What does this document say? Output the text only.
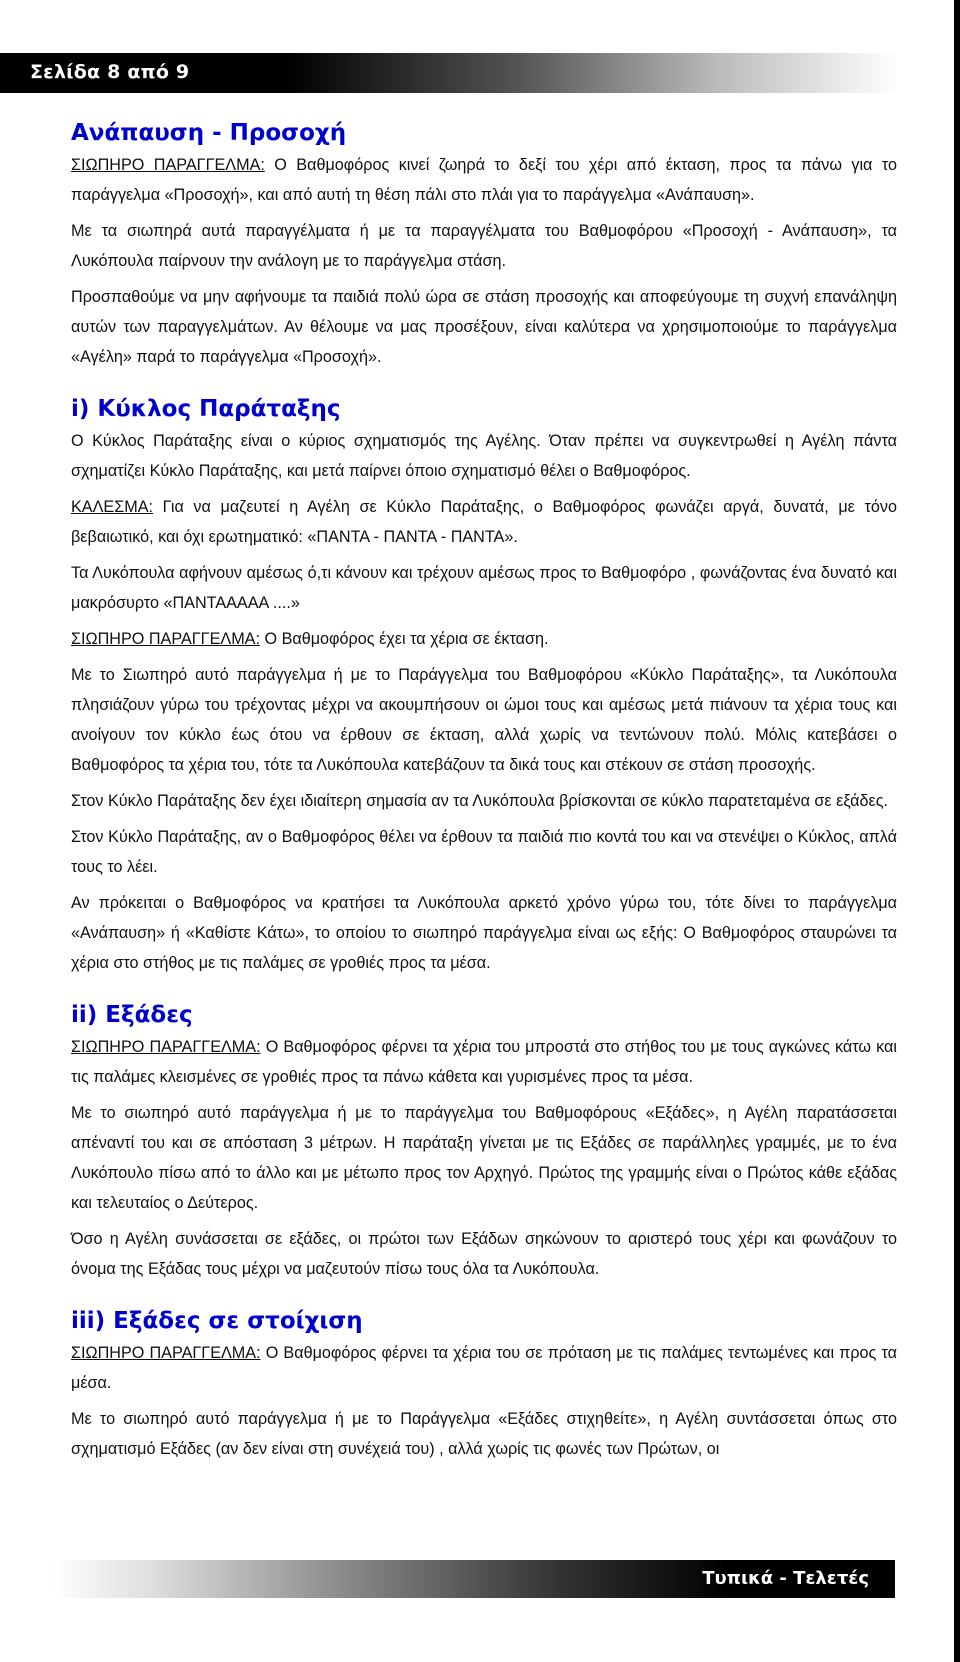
Σελίδα 8 από 9
Ανάπαυση - Προσοχή

ΣΙΩΠΗΡΟ ΠΑΡΑΓΓΕΛΜΑ: Ο Βαθμοφόρος κινεί ζωηρά το δεξί του χέρι από έκταση, προς τα πάνω για το παράγγελμα «Προσοχή», και από αυτή τη θέση πάλι στο πλάι για το παράγγελμα «Ανάπαυση».

Με τα σιωπηρά αυτά παραγγέλματα ή με τα παραγγέλματα του Βαθμοφόρου «Προσοχή - Ανάπαυση», τα Λυκόπουλα παίρνουν την ανάλογη με το παράγγελμα στάση.

Προσπαθούμε να μην αφήνουμε τα παιδιά πολύ ώρα σε στάση προσοχής και αποφεύγουμε τη συχνή επανάληψη αυτών των παραγγελμάτων. Αν θέλουμε να μας προσέξουν, είναι καλύτερα να χρησιμοποιούμε το παράγγελμα «Αγέλη» παρά το παράγγελμα «Προσοχή».

i) Κύκλος Παράταξης

Ο Κύκλος Παράταξης είναι ο κύριος σχηματισμός της Αγέλης. Όταν πρέπει να συγκεντρωθεί η Αγέλη πάντα σχηματίζει Κύκλο Παράταξης, και μετά παίρνει όποιο σχηματισμό θέλει ο Βαθμοφόρος.

ΚΑΛΕΣΜΑ: Για να μαζευτεί η Αγέλη σε Κύκλο Παράταξης, ο Βαθμοφόρος φωνάζει αργά, δυνατά, με τόνο βεβαιωτικό, και όχι ερωτηματικό: «ΠΑΝΤΑ - ΠΑΝΤΑ - ΠΑΝΤΑ».

Τα Λυκόπουλα αφήνουν αμέσως ό,τι κάνουν και τρέχουν αμέσως προς το Βαθμοφόρο , φωνάζοντας ένα δυνατό και μακρόσυρτο «ΠΑΝΤΑΑΑΑΑ ....»

ΣΙΩΠΗΡΟ ΠΑΡΑΓΓΕΛΜΑ: Ο Βαθμοφόρος έχει τα χέρια σε έκταση.

Με το Σιωπηρό αυτό παράγγελμα ή με το Παράγγελμα του Βαθμοφόρου «Κύκλο Παράταξης», τα Λυκόπουλα πλησιάζουν γύρω του τρέχοντας μέχρι να ακουμπήσουν οι ώμοι τους και αμέσως μετά πιάνουν τα χέρια τους και ανοίγουν τον κύκλο έως ότου να έρθουν σε έκταση, αλλά χωρίς να τεντώνουν πολύ. Μόλις κατεβάσει ο Βαθμοφόρος τα χέρια του, τότε τα Λυκόπουλα κατεβάζουν τα δικά τους και στέκουν σε στάση προσοχής.

Στον Κύκλο Παράταξης δεν έχει ιδιαίτερη σημασία αν τα Λυκόπουλα βρίσκονται σε κύκλο παρατεταμένα σε εξάδες.

Στον Κύκλο Παράταξης, αν ο Βαθμοφόρος θέλει να έρθουν τα παιδιά πιο κοντά του και να στενέψει ο Κύκλος, απλά τους το λέει.

Αν πρόκειται ο Βαθμοφόρος να κρατήσει τα Λυκόπουλα αρκετό χρόνο γύρω του, τότε δίνει το παράγγελμα «Ανάπαυση» ή «Καθίστε Κάτω», το οποίου το σιωπηρό παράγγελμα είναι ως εξής: Ο Βαθμοφόρος σταυρώνει τα χέρια στο στήθος με τις παλάμες σε γροθιές προς τα μέσα.

ii) Εξάδες

ΣΙΩΠΗΡΟ ΠΑΡΑΓΓΕΛΜΑ: Ο Βαθμοφόρος φέρνει τα χέρια του μπροστά στο στήθος του με τους αγκώνες κάτω και τις παλάμες κλεισμένες σε γροθιές προς τα πάνω κάθετα και γυρισμένες προς τα μέσα.

Με το σιωπηρό αυτό παράγγελμα ή με το παράγγελμα του Βαθμοφόρους «Εξάδες», η Αγέλη παρατάσσεται απέναντί του και σε απόσταση 3 μέτρων. Η παράταξη γίνεται με τις Εξάδες σε παράλληλες γραμμές, με το ένα Λυκόπουλο πίσω από το άλλο και με μέτωπο προς τον Αρχηγό. Πρώτος της γραμμής είναι ο Πρώτος κάθε εξάδας και τελευταίος ο Δεύτερος.

Όσο η Αγέλη συνάσσεται σε εξάδες, οι πρώτοι των Εξάδων σηκώνουν το αριστερό τους χέρι και φωνάζουν το όνομα της Εξάδας τους μέχρι να μαζευτούν πίσω τους όλα τα Λυκόπουλα.

iii) Εξάδες σε στοίχιση

ΣΙΩΠΗΡΟ ΠΑΡΑΓΓΕΛΜΑ: Ο Βαθμοφόρος φέρνει τα χέρια του σε πρόταση με τις παλάμες τεντωμένες και προς τα μέσα.

Με το σιωπηρό αυτό παράγγελμα ή με το Παράγγελμα «Εξάδες στιχηθείτε», η Αγέλη συντάσσεται όπως στο σχηματισμό Εξάδες (αν δεν είναι στη συνέχειά του) , αλλά χωρίς τις φωνές των Πρώτων, οι

Τυπικά - Τελετές
